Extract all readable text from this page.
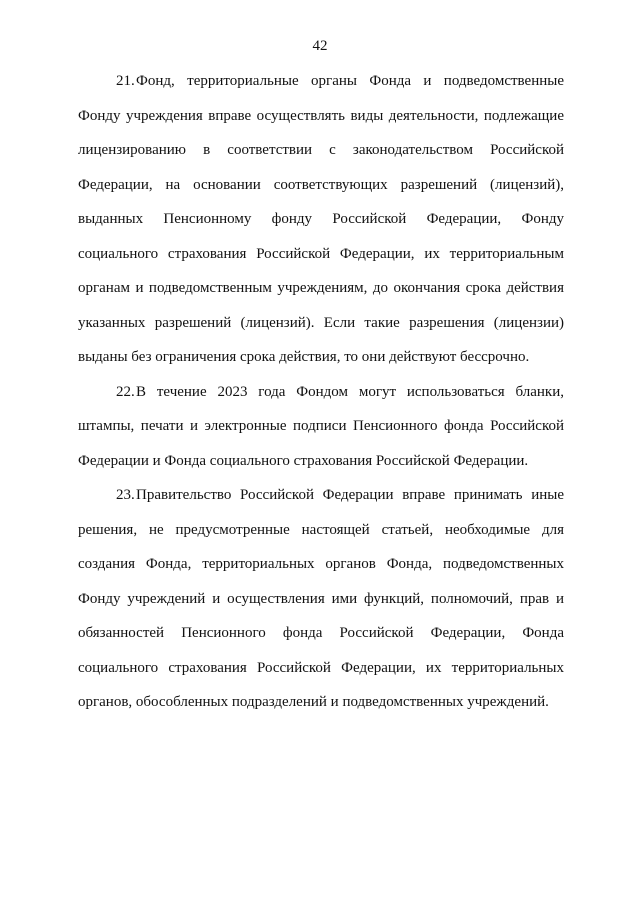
42

21. Фонд, территориальные органы Фонда и подведомственные Фонду учреждения вправе осуществлять виды деятельности, подлежащие лицензированию в соответствии с законодательством Российской Федерации, на основании соответствующих разрешений (лицензий), выданных Пенсионному фонду Российской Федерации, Фонду социального страхования Российской Федерации, их территориальным органам и подведомственным учреждениям, до окончания срока действия указанных разрешений (лицензий). Если такие разрешения (лицензии) выданы без ограничения срока действия, то они действуют бессрочно.

22. В течение 2023 года Фондом могут использоваться бланки, штампы, печати и электронные подписи Пенсионного фонда Российской Федерации и Фонда социального страхования Российской Федерации.

23. Правительство Российской Федерации вправе принимать иные решения, не предусмотренные настоящей статьей, необходимые для создания Фонда, территориальных органов Фонда, подведомственных Фонду учреждений и осуществления ими функций, полномочий, прав и обязанностей Пенсионного фонда Российской Федерации, Фонда социального страхования Российской Федерации, их территориальных органов, обособленных подразделений и подведомственных учреждений.
